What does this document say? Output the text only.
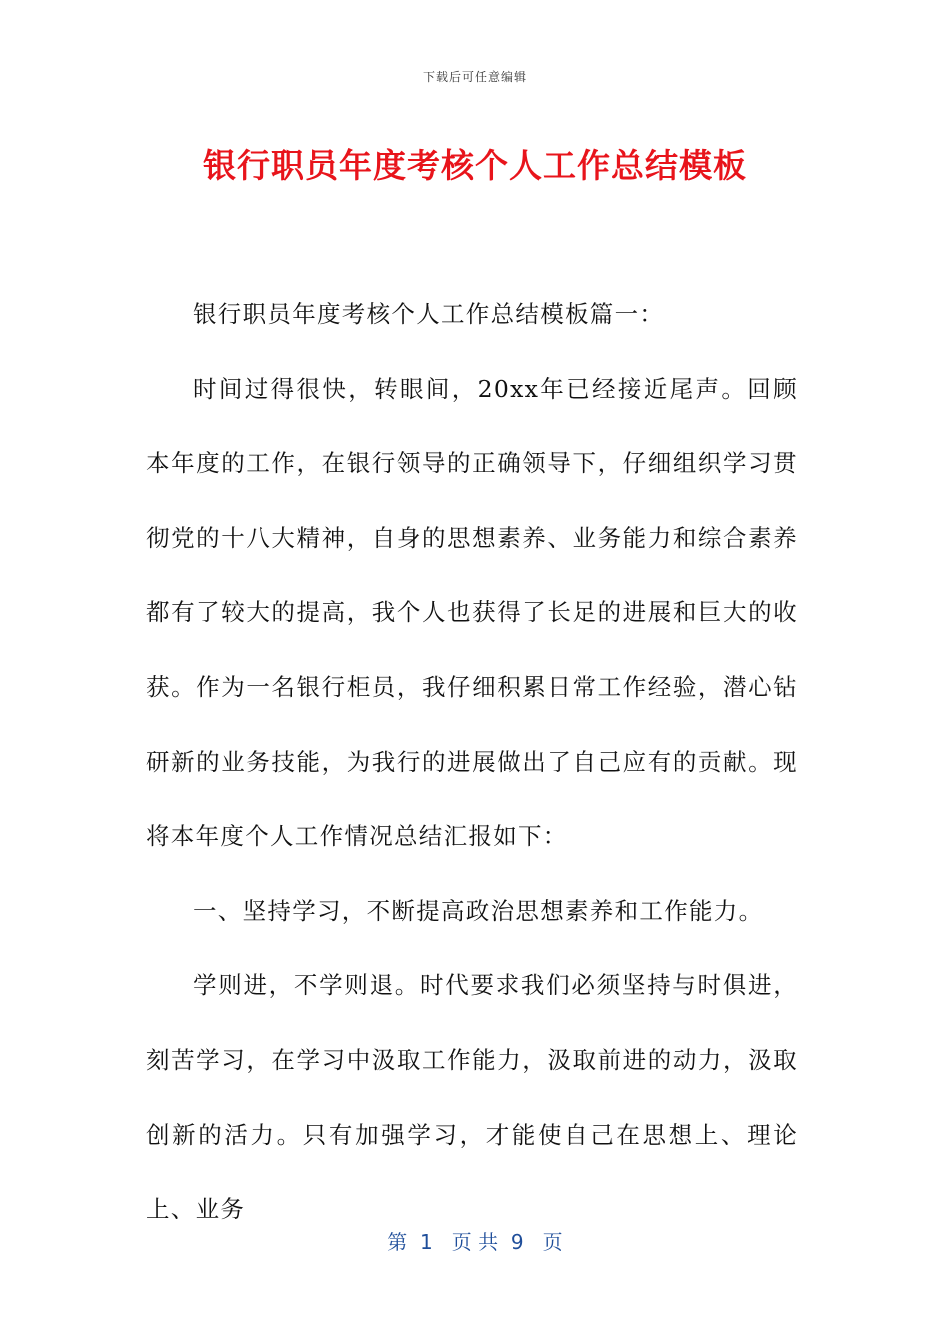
下载后可任意编辑
银行职员年度考核个人工作总结模板

银行职员年度考核个人工作总结模板篇一：

时间过得很快，转眼间，20xx年已经接近尾声。回顾本年度的工作，在银行领导的正确领导下，仔细组织学习贯彻党的十八大精神，自身的思想素养、业务能力和综合素养都有了较大的提高，我个人也获得了长足的进展和巨大的收获。作为一名银行柜员，我仔细积累日常工作经验，潜心钻研新的业务技能，为我行的进展做出了自己应有的贡献。现将本年度个人工作情况总结汇报如下：

一、坚持学习，不断提高政治思想素养和工作能力。

学则进，不学则退。时代要求我们必须坚持与时俱进，刻苦学习，在学习中汲取工作能力，汲取前进的动力，汲取创新的活力。只有加强学习，才能使自己在思想上、理论上、业务

第  1   页 共  9   页
